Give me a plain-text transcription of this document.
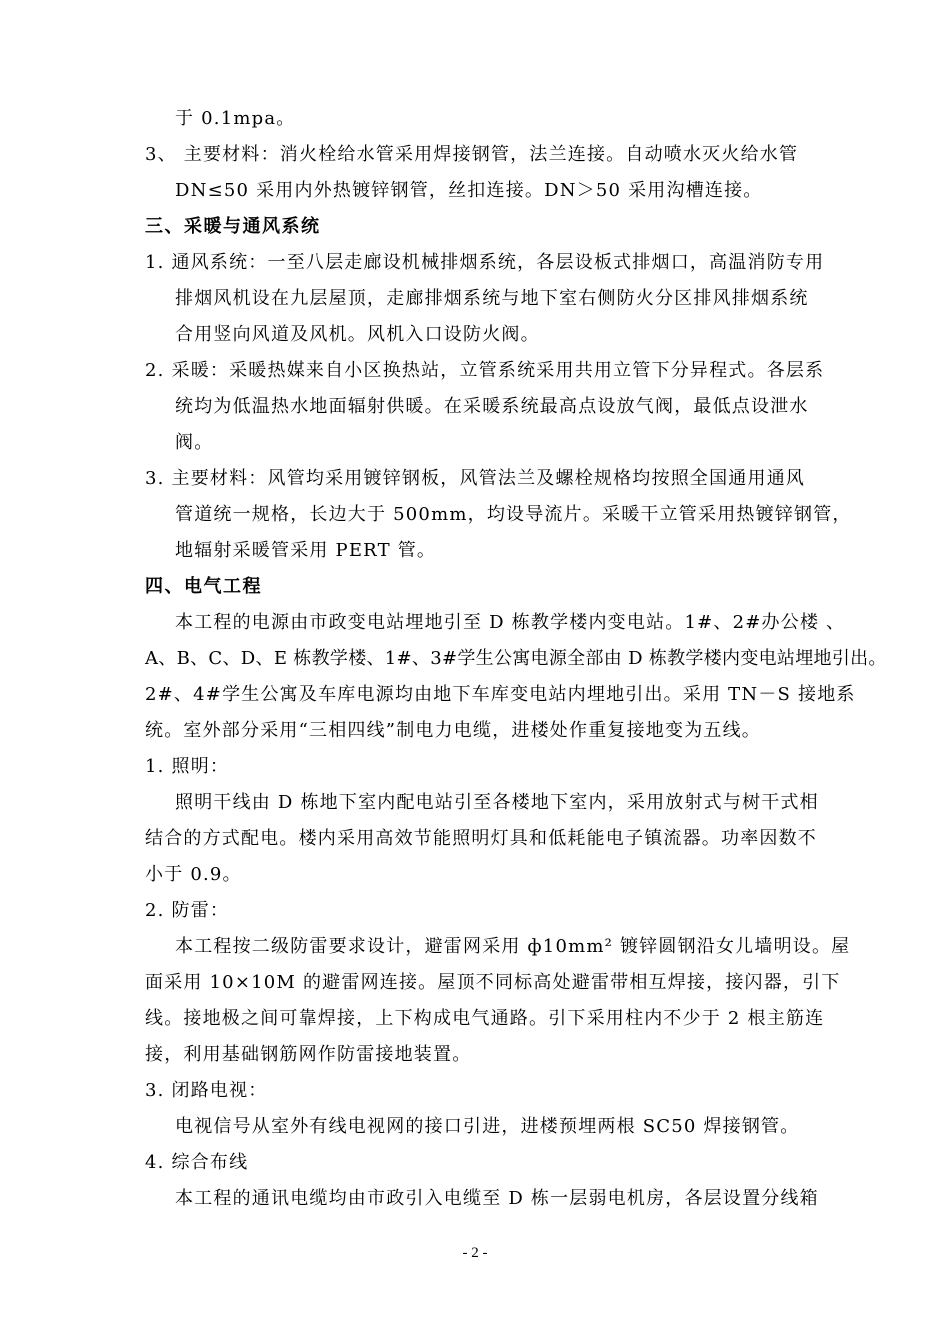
于 0.1mpa。

3、 主要材料：消火栓给水管采用焊接钢管，法兰连接。自动喷水灭火给水管

DN≤50 采用内外热镀锌钢管，丝扣连接。DN＞50 采用沟槽连接。

三、采暖与通风系统

1. 通风系统：一至八层走廊设机械排烟系统，各层设板式排烟口，高温消防专用

排烟风机设在九层屋顶，走廊排烟系统与地下室右侧防火分区排风排烟系统

合用竖向风道及风机。风机入口设防火阀。

2. 采暖：采暖热媒来自小区换热站，立管系统采用共用立管下分异程式。各层系

统均为低温热水地面辐射供暖。在采暖系统最高点设放气阀，最低点设泄水

阀。

3. 主要材料：风管均采用镀锌钢板，风管法兰及螺栓规格均按照全国通用通风

管道统一规格，长边大于 500mm，均设导流片。采暖干立管采用热镀锌钢管，

地辐射采暖管采用 PERT 管。

四、电气工程

本工程的电源由市政变电站埋地引至 D 栋教学楼内变电站。1#、2#办公楼 、

A、B、C、D、E 栋教学楼、1#、3#学生公寓电源全部由 D 栋教学楼内变电站埋地引出。

2#、4#学生公寓及车库电源均由地下车库变电站内埋地引出。采用 TN－S 接地系

统。室外部分采用“三相四线”制电力电缆，进楼处作重复接地变为五线。

1. 照明：

照明干线由 D 栋地下室内配电站引至各楼地下室内，采用放射式与树干式相

结合的方式配电。楼内采用高效节能照明灯具和低耗能电子镇流器。功率因数不

小于 0.9。

2. 防雷：

本工程按二级防雷要求设计，避雷网采用 ф10mm² 镀锌圆钢沿女儿墙明设。屋

面采用 10×10M 的避雷网连接。屋顶不同标高处避雷带相互焊接，接闪器，引下

线。接地极之间可靠焊接，上下构成电气通路。引下采用柱内不少于 2 根主筋连

接，利用基础钢筋网作防雷接地装置。

3. 闭路电视：

电视信号从室外有线电视网的接口引进，进楼预埋两根 SC50 焊接钢管。

4. 综合布线

本工程的通讯电缆均由市政引入电缆至 D 栋一层弱电机房，各层设置分线箱

- 2 -
